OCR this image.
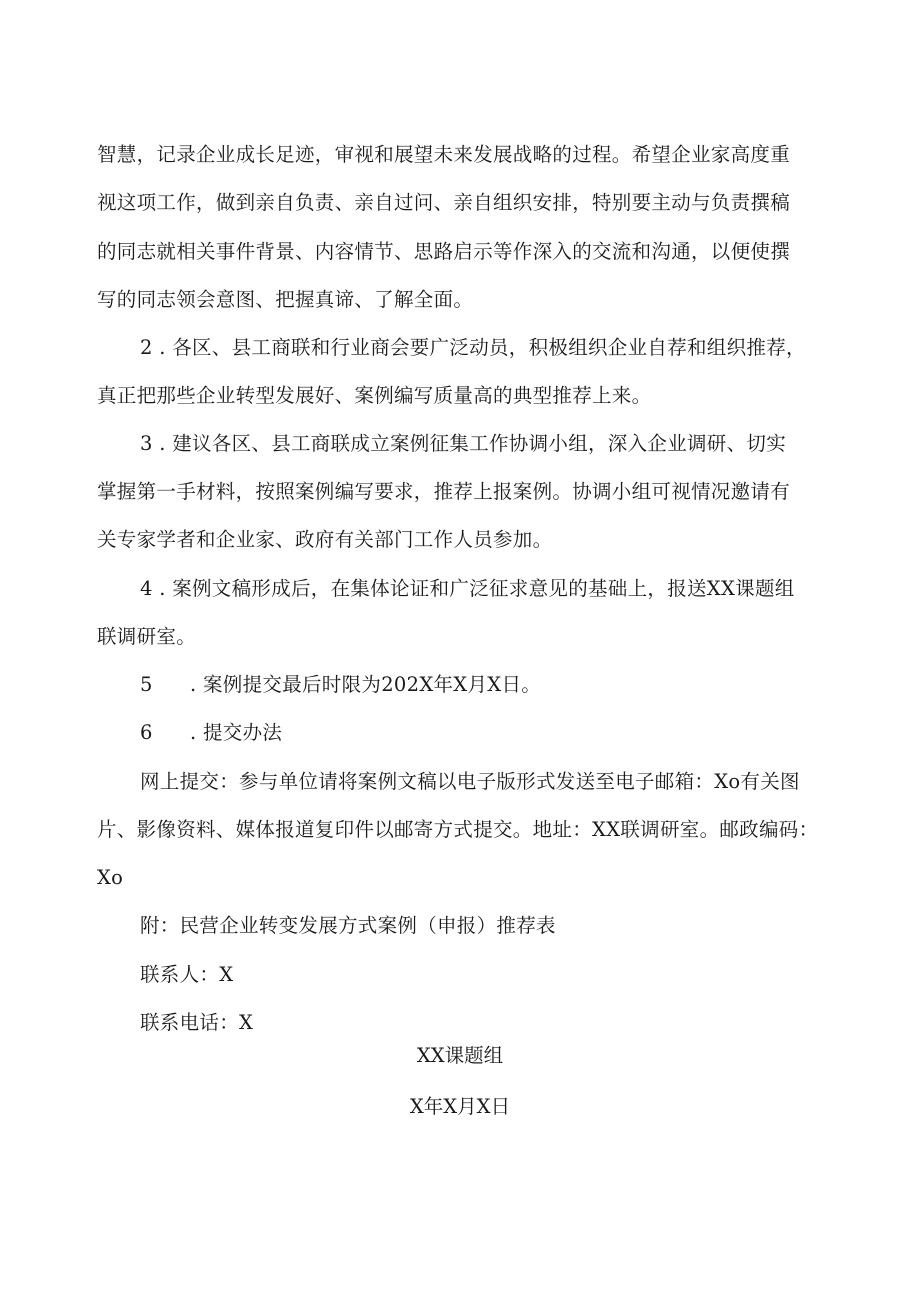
智慧，记录企业成长足迹，审视和展望未来发展战略的过程。希望企业家高度重
视这项工作，做到亲自负责、亲自过问、亲自组织安排，特别要主动与负责撰稿
的同志就相关事件背景、内容情节、思路启示等作深入的交流和沟通，以便使撰
写的同志领会意图、把握真谛、了解全面。
2 . 各区、县工商联和行业商会要广泛动员，积极组织企业自荐和组织推荐，
真正把那些企业转型发展好、案例编写质量高的典型推荐上来。
3 . 建议各区、县工商联成立案例征集工作协调小组，深入企业调研、切实
掌握第一手材料，按照案例编写要求，推荐上报案例。协调小组可视情况邀请有
关专家学者和企业家、政府有关部门工作人员参加。
4 . 案例文稿形成后，在集体论证和广泛征求意见的基础上，报送XX课题组
联调研室。
5 . 案例提交最后时限为202X年X月X日。
6 . 提交办法
网上提交：参与单位请将案例文稿以电子版形式发送至电子邮箱：Xo有关图
片、影像资料、媒体报道复印件以邮寄方式提交。地址：XX联调研室。邮政编码：
Xo
附：民营企业转变发展方式案例（申报）推荐表
联系人：X
联系电话：X
XX课题组
X年X月X日
